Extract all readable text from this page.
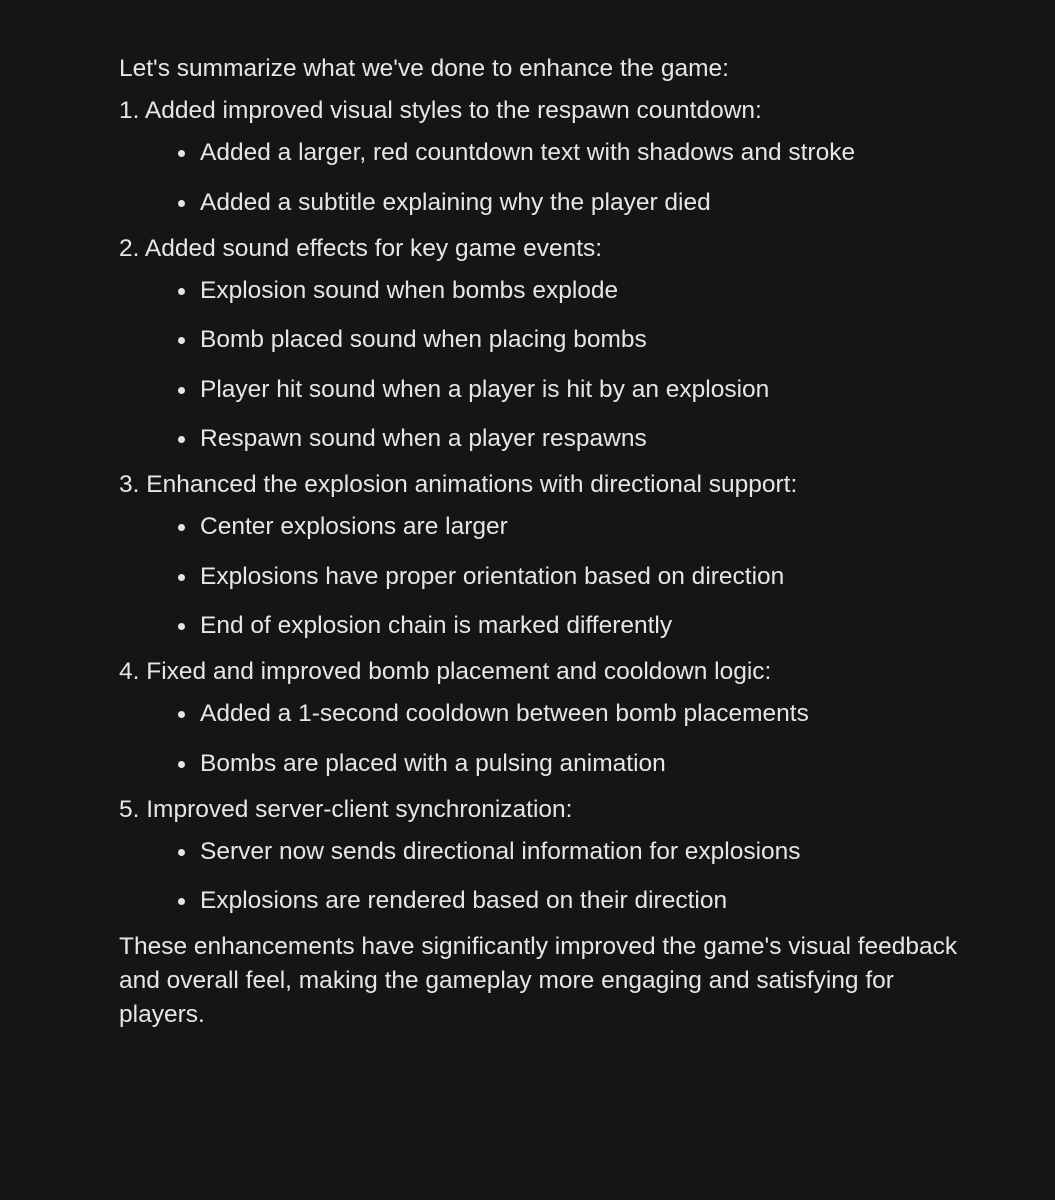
Let's summarize what we've done to enhance the game:

1. Added improved visual styles to the respawn countdown:
Added a larger, red countdown text with shadows and stroke
Added a subtitle explaining why the player died
2. Added sound effects for key game events:
Explosion sound when bombs explode
Bomb placed sound when placing bombs
Player hit sound when a player is hit by an explosion
Respawn sound when a player respawns
3. Enhanced the explosion animations with directional support:
Center explosions are larger
Explosions have proper orientation based on direction
End of explosion chain is marked differently
4. Fixed and improved bomb placement and cooldown logic:
Added a 1-second cooldown between bomb placements
Bombs are placed with a pulsing animation
5. Improved server-client synchronization:
Server now sends directional information for explosions
Explosions are rendered based on their direction

These enhancements have significantly improved the game's visual feedback and overall feel, making the gameplay more engaging and satisfying for players.
